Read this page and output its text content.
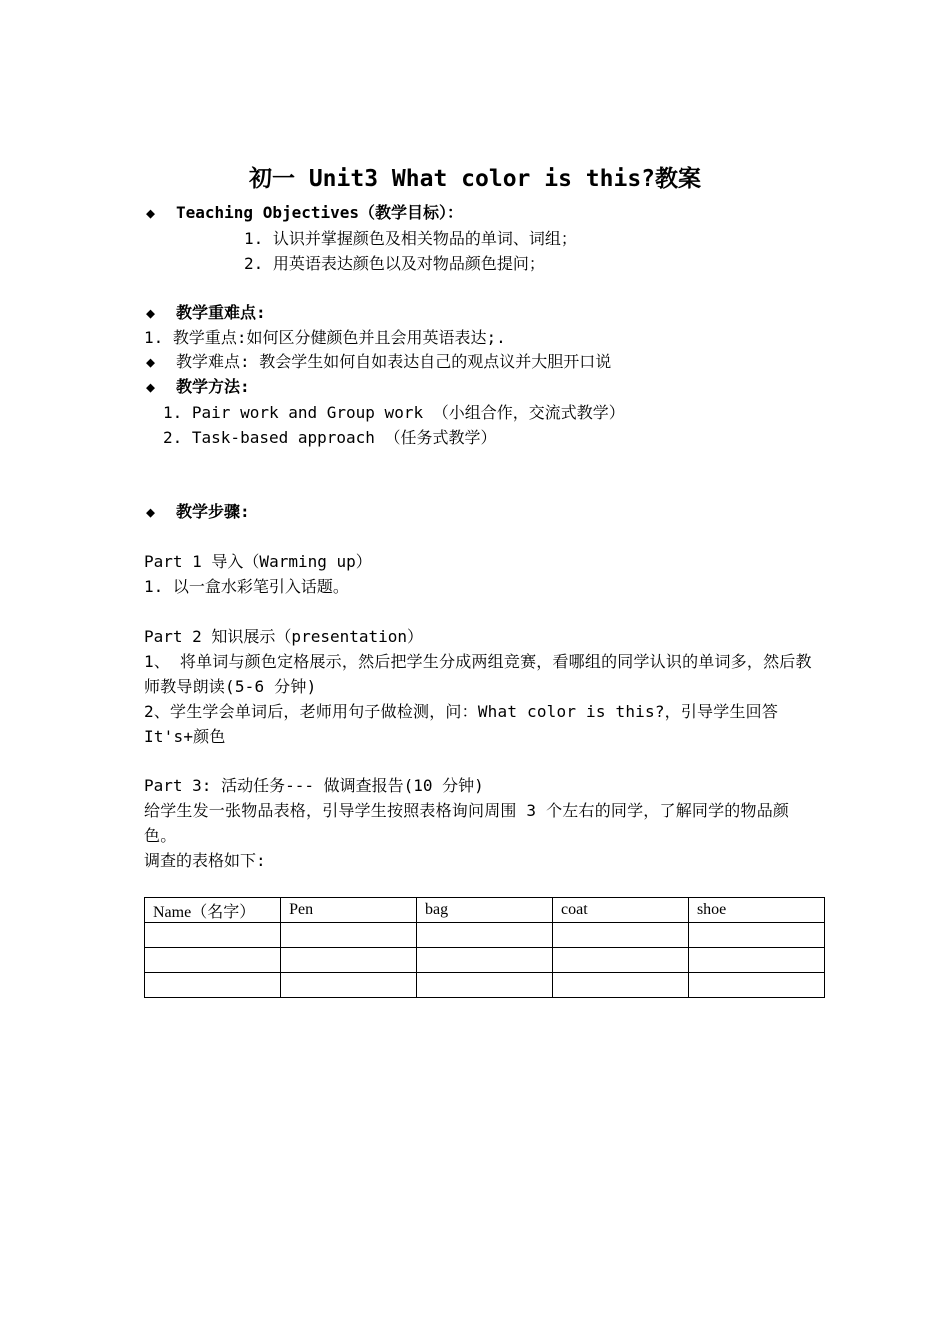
初一 Unit3 What color is this?教案
◆ Teaching Objectives（教学目标）：
1. 认识并掌握颜色及相关物品的单词、词组；
2. 用英语表达颜色以及对物品颜色提问；
◆ 教学重难点:
1. 教学重点:如何区分健颜色并且会用英语表达;.
◆ 教学难点: 教会学生如何自如表达自己的观点议并大胆开口说
◆ 教学方法:
1. Pair work and Group work （小组合作，交流式教学）
2. Task-based approach （任务式教学）
◆ 教学步骤:
Part 1 导入（Warming up）
1. 以一盒水彩笔引入话题。
Part 2 知识展示（presentation）
1、 将单词与颜色定格展示，然后把学生分成两组竞赛，看哪组的同学认识的单词多，然后教师教导朗读(5-6 分钟)
2、学生学会单词后，老师用句子做检测，问：What color is this?，引导学生回答 It's+颜色
Part 3: 活动任务--- 做调查报告(10 分钟)
给学生发一张物品表格，引导学生按照表格询问周围 3 个左右的同学，了解同学的物品颜色。
调查的表格如下:
Name（名字）	Pen	bag	coat	shoe
